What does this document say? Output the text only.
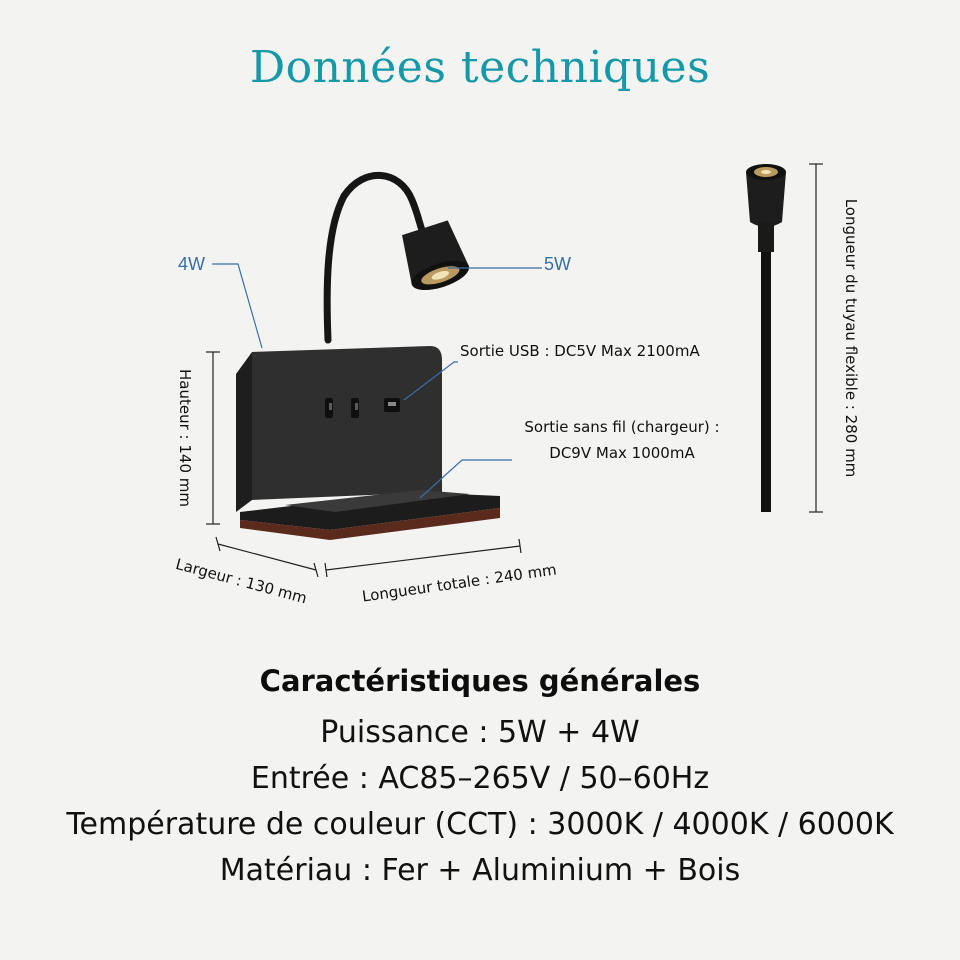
Données techniques
4W	5W
Sortie USB : DC5V Max 2100mA
Sortie sans fil (chargeur) :
DC9V Max 1000mA
Hauteur : 140 mm
Largeur : 130 mm	Longueur totale : 240 mm
Longueur du tuyau flexible : 280 mm
Caractéristiques générales
Puissance : 5W + 4W
Entrée : AC85–265V / 50–60Hz
Température de couleur (CCT) : 3000K / 4000K / 6000K
Matériau : Fer + Aluminium + Bois
